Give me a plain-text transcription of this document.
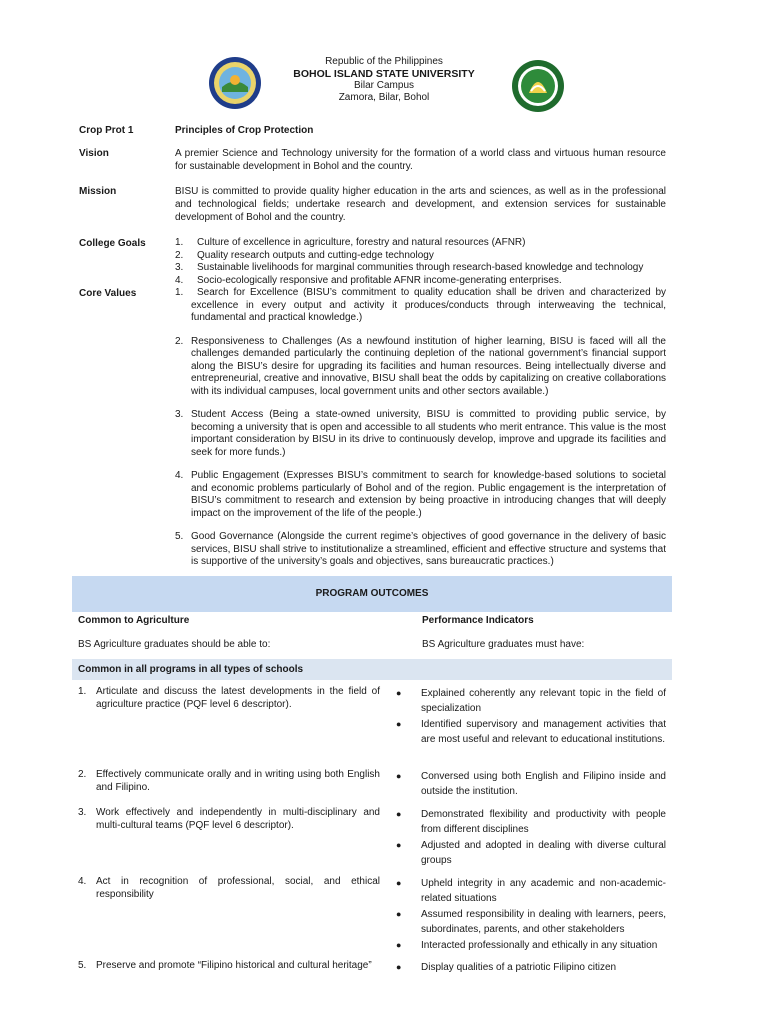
Republic of the Philippines
BOHOL ISLAND STATE UNIVERSITY
Bilar Campus
Zamora, Bilar, Bohol
Crop Prot 1	Principles of Crop Protection
Vision	A premier Science and Technology university for the formation of a world class and virtuous human resource for sustainable development in Bohol and the country.
Mission	BISU is committed to provide quality higher education in the arts and sciences, as well as in the professional and technological fields; undertake research and development, and extension services for sustainable development of Bohol and the country.
College Goals	1. Culture of excellence in agriculture, forestry and natural resources (AFNR)
2. Quality research outputs and cutting-edge technology
3. Sustainable livelihoods for marginal communities through research-based knowledge and technology
4. Socio-ecologically responsive and profitable AFNR income-generating enterprises.
Core Values	1.	Search for Excellence (BISU’s commitment to quality education shall be driven and characterized by excellence in every output and activity it produces/conducts through interweaving the technical, fundamental and practical knowledge.)
2. Responsiveness to Challenges (As a newfound institution of higher learning, BISU is faced will all the challenges demanded particularly the continuing depletion of the national government’s financial support along the BISU’s desire for upgrading its facilities and human resources. Being intellectually diverse and entrepreneurial, creative and innovative, BISU shall beat the odds by capitalizing on creative collaborations with its individual campuses, local government units and other sectors available.)
3. Student Access (Being a state-owned university, BISU is committed to providing public service, by becoming a university that is open and accessible to all students who merit entrance. This value is the most important consideration by BISU in its drive to continuously develop, improve and upgrade its facilities and seek for more funds.)
4. Public Engagement (Expresses BISU’s commitment to search for knowledge-based solutions to societal and economic problems particularly of Bohol and of the region. Public engagement is the interpretation of BISU’s commitment to research and extension by being proactive in introducing changes that will deeply impact on the improvement of the life of the people.)
5. Good Governance (Alongside the current regime’s objectives of good governance in the delivery of basic services, BISU shall strive to institutionalize a streamlined, efficient and effective structure and systems that is supportive of the university’s goals and objectives, sans bureaucratic practices.)
PROGRAM OUTCOMES
Common to Agriculture	Performance Indicators
BS Agriculture graduates should be able to:	BS Agriculture graduates must have:
Common in all programs in all types of schools
1. Articulate and discuss the latest developments in the field of agriculture practice (PQF level 6 descriptor).
● Explained coherently any relevant topic in the field of specialization
● Identified supervisory and management activities that are most useful and relevant to educational institutions.
2. Effectively communicate orally and in writing using both English and Filipino.
● Conversed using both English and Filipino inside and outside the institution.
3. Work effectively and independently in multi-disciplinary and multi-cultural teams (PQF level 6 descriptor).
● Demonstrated flexibility and productivity with people from different disciplines
● Adjusted and adopted in dealing with diverse cultural groups
4. Act in recognition of professional, social, and ethical responsibility
● Upheld integrity in any academic and non-academic-related situations
● Assumed responsibility in dealing with learners, peers, subordinates, parents, and other stakeholders
● Interacted professionally and ethically in any situation
5. Preserve and promote “Filipino historical and cultural heritage”	● Display qualities of a patriotic Filipino citizen
